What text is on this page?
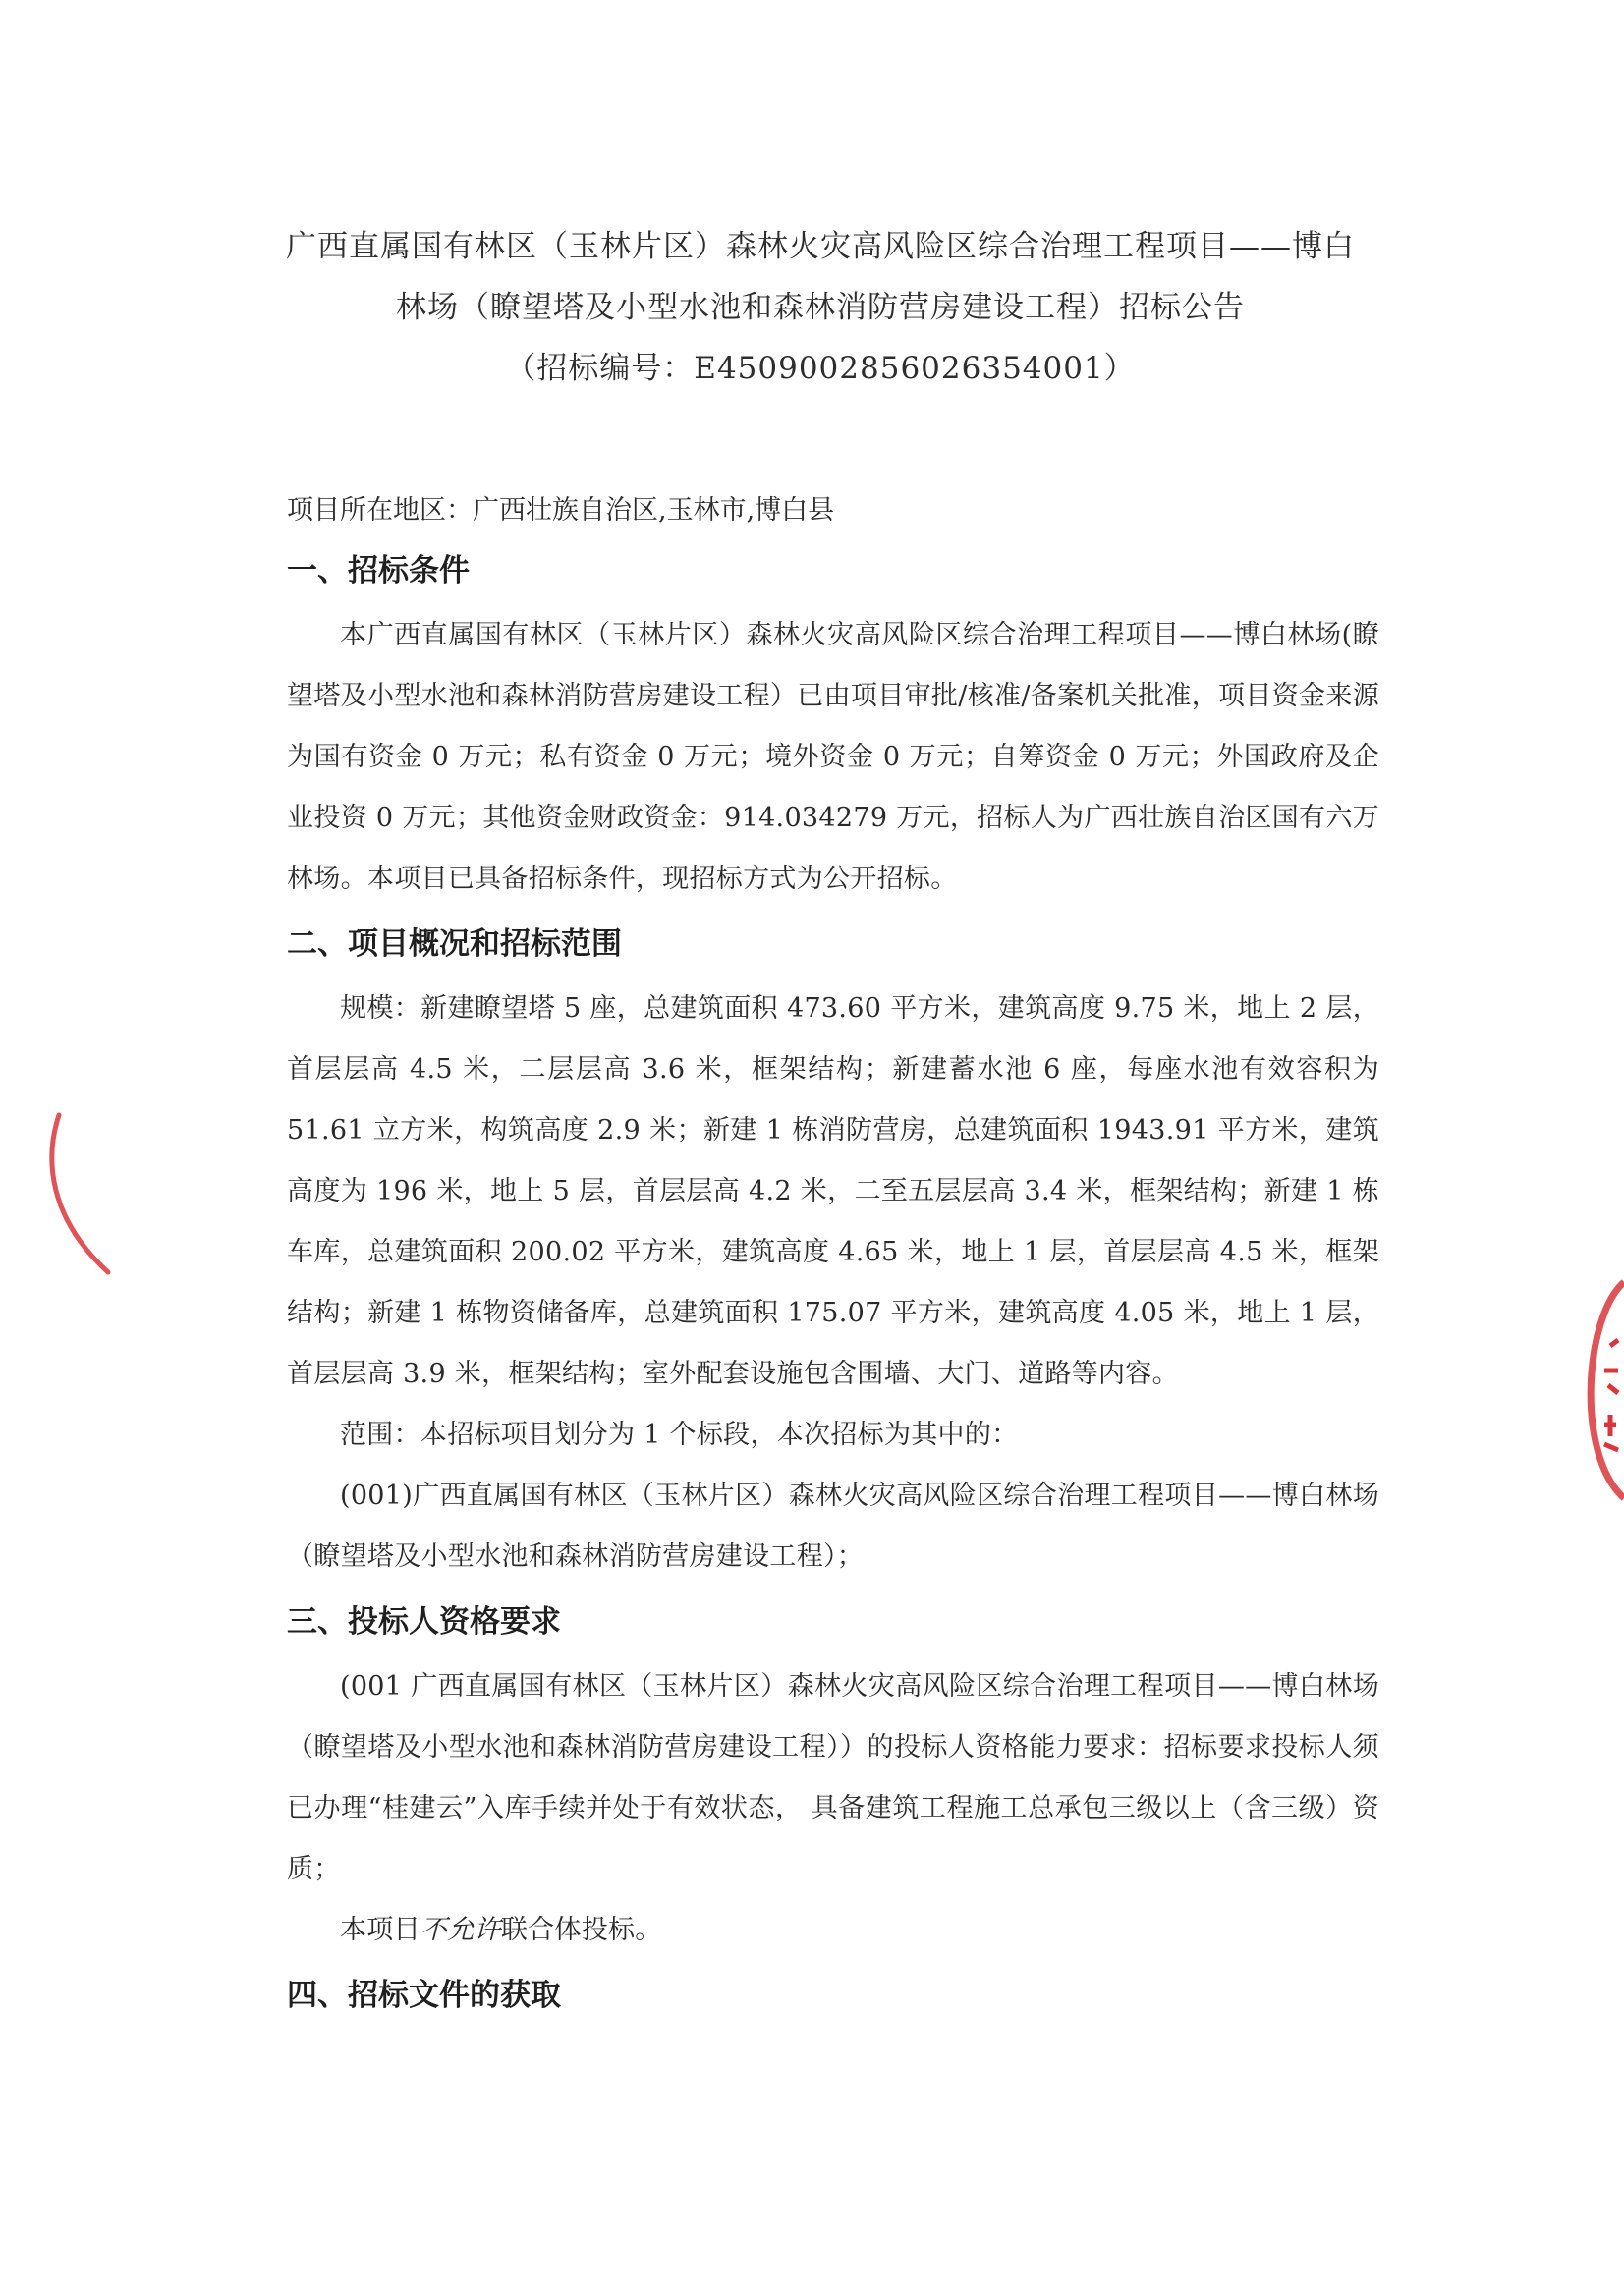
广西直属国有林区（玉林片区）森林火灾高风险区综合治理工程项目——博白
林场（瞭望塔及小型水池和森林消防营房建设工程）招标公告
（招标编号：E4509002856026354001）
项目所在地区：广西壮族自治区,玉林市,博白县
一、招标条件

本广西直属国有林区（玉林片区）森林火灾高风险区综合治理工程项目——博白林场(瞭望塔及小型水池和森林消防营房建设工程）已由项目审批/核准/备案机关批准，项目资金来源为国有资金 0 万元；私有资金 0 万元；境外资金 0 万元；自筹资金 0 万元；外国政府及企业投资 0 万元；其他资金财政资金：914.034279 万元，招标人为广西壮族自治区国有六万林场。本项目已具备招标条件，现招标方式为公开招标。

二、项目概况和招标范围

规模：新建瞭望塔 5 座，总建筑面积 473.60 平方米，建筑高度 9.75 米，地上 2 层，首层层高 4.5 米，二层层高 3.6 米，框架结构；新建蓄水池 6 座，每座水池有效容积为 51.61 立方米，构筑高度 2.9 米；新建 1 栋消防营房，总建筑面积 1943.91 平方米，建筑高度为 196 米，地上 5 层，首层层高 4.2 米，二至五层层高 3.4 米，框架结构；新建 1 栋车库，总建筑面积 200.02 平方米，建筑高度 4.65 米，地上 1 层，首层层高 4.5 米，框架结构；新建 1 栋物资储备库，总建筑面积 175.07 平方米，建筑高度 4.05 米，地上 1 层，首层层高 3.9 米，框架结构；室外配套设施包含围墙、大门、道路等内容。

范围：本招标项目划分为 1 个标段，本次招标为其中的：

(001)广西直属国有林区（玉林片区）森林火灾高风险区综合治理工程项目——博白林场（瞭望塔及小型水池和森林消防营房建设工程）；

三、投标人资格要求

(001 广西直属国有林区（玉林片区）森林火灾高风险区综合治理工程项目——博白林场（瞭望塔及小型水池和森林消防营房建设工程））的投标人资格能力要求：招标要求投标人须已办理“桂建云”入库手续并处于有效状态， 具备建筑工程施工总承包三级以上（含三级）资质；

本项目不允许联合体投标。

四、招标文件的获取
